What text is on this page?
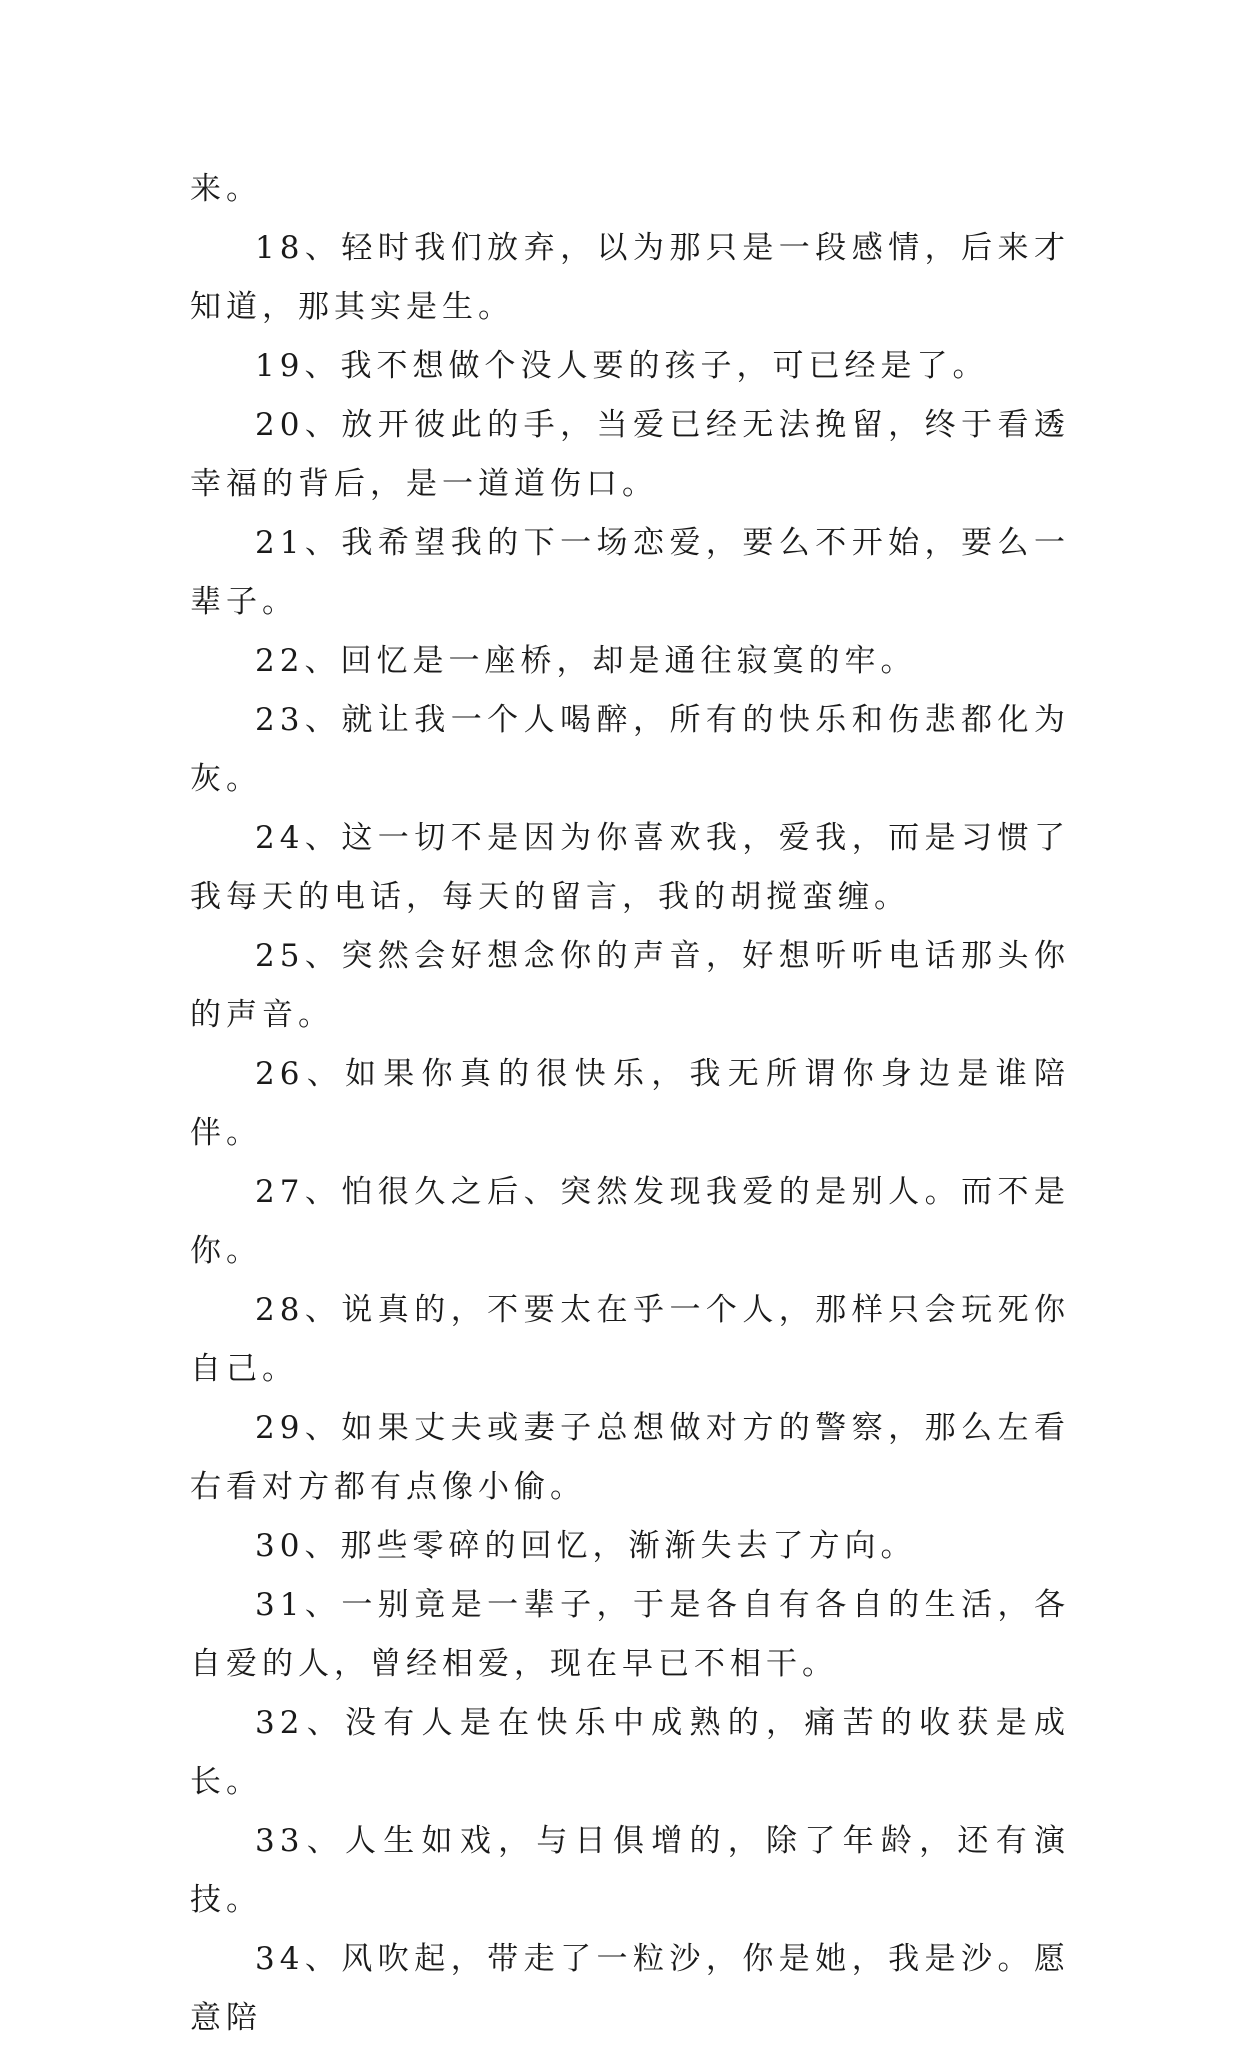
来。

18、轻时我们放弃，以为那只是一段感情，后来才知道，那其实是生。

19、我不想做个没人要的孩子，可已经是了。

20、放开彼此的手，当爱已经无法挽留，终于看透幸福的背后，是一道道伤口。

21、我希望我的下一场恋爱，要么不开始，要么一辈子。

22、回忆是一座桥，却是通往寂寞的牢。

23、就让我一个人喝醉，所有的快乐和伤悲都化为灰。

24、这一切不是因为你喜欢我，爱我，而是习惯了我每天的电话，每天的留言，我的胡搅蛮缠。

25、突然会好想念你的声音，好想听听电话那头你的声音。

26、如果你真的很快乐，我无所谓你身边是谁陪伴。

27、怕很久之后、突然发现我爱的是别人。而不是你。

28、说真的，不要太在乎一个人，那样只会玩死你自己。

29、如果丈夫或妻子总想做对方的警察，那么左看右看对方都有点像小偷。

30、那些零碎的回忆，渐渐失去了方向。

31、一别竟是一辈子，于是各自有各自的生活，各自爱的人，曾经相爱，现在早已不相干。

32、没有人是在快乐中成熟的，痛苦的收获是成长。

33、人生如戏，与日俱增的，除了年龄，还有演技。

34、风吹起，带走了一粒沙，你是她，我是沙。愿意陪
